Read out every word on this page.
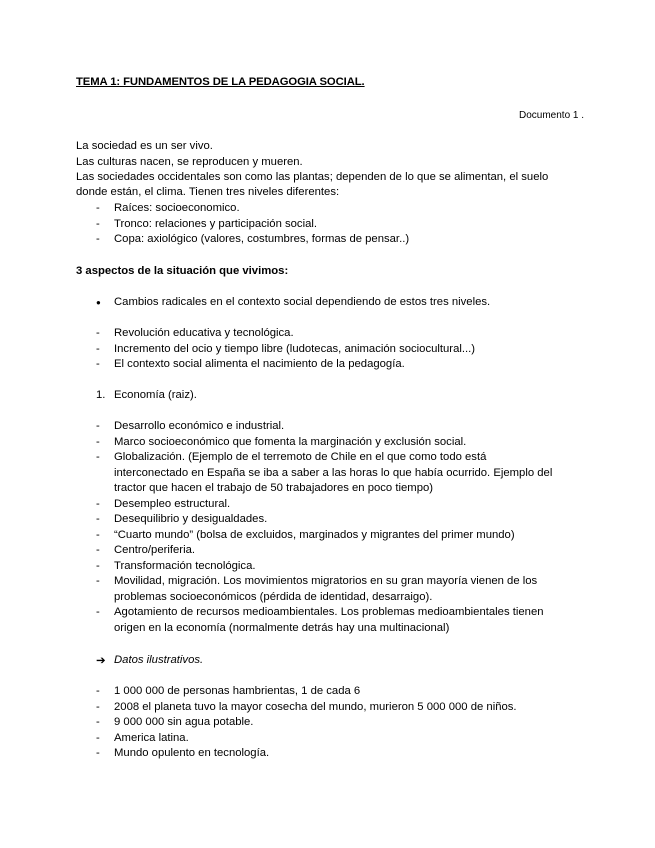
TEMA 1: FUNDAMENTOS DE LA PEDAGOGIA SOCIAL.
Documento 1 .
La sociedad es un ser vivo.
Las culturas nacen, se reproducen y mueren.
Las sociedades occidentales son como las plantas; dependen de lo que se alimentan, el suelo
donde están, el clima. Tienen tres niveles diferentes:
- Raíces: socioeconomico.
- Tronco: relaciones y participación social.
- Copa: axiológico (valores, costumbres, formas de pensar..)
3 aspectos de la situación que vivimos:
● Cambios radicales en el contexto social dependiendo de estos tres niveles.
- Revolución educativa y tecnológica.
- Incremento del ocio y tiempo libre (ludotecas, animación sociocultural...)
- El contexto social alimenta el nacimiento de la pedagogía.
1. Economía (raiz).
- Desarrollo económico e industrial.
- Marco socioeconómico que fomenta la marginación y exclusión social.
- Globalización. (Ejemplo de el terremoto de Chile en el que como todo está
interconectado en España se iba a saber a las horas lo que había ocurrido. Ejemplo del
tractor que hacen el trabajo de 50 trabajadores en poco tiempo)
- Desempleo estructural.
- Desequilibrio y desigualdades.
- “Cuarto mundo” (bolsa de excluidos, marginados y migrantes del primer mundo)
- Centro/periferia.
- Transformación tecnológica.
- Movilidad, migración. Los movimientos migratorios en su gran mayoría vienen de los
problemas socioeconómicos (pérdida de identidad, desarraigo).
- Agotamiento de recursos medioambientales. Los problemas medioambientales tienen
origen en la economía (normalmente detrás hay una multinacional)
➔ Datos ilustrativos.
- 1 000 000 de personas hambrientas, 1 de cada 6
- 2008 el planeta tuvo la mayor cosecha del mundo, murieron 5 000 000 de niños.
- 9 000 000 sin agua potable.
- America latina.
- Mundo opulento en tecnología.
